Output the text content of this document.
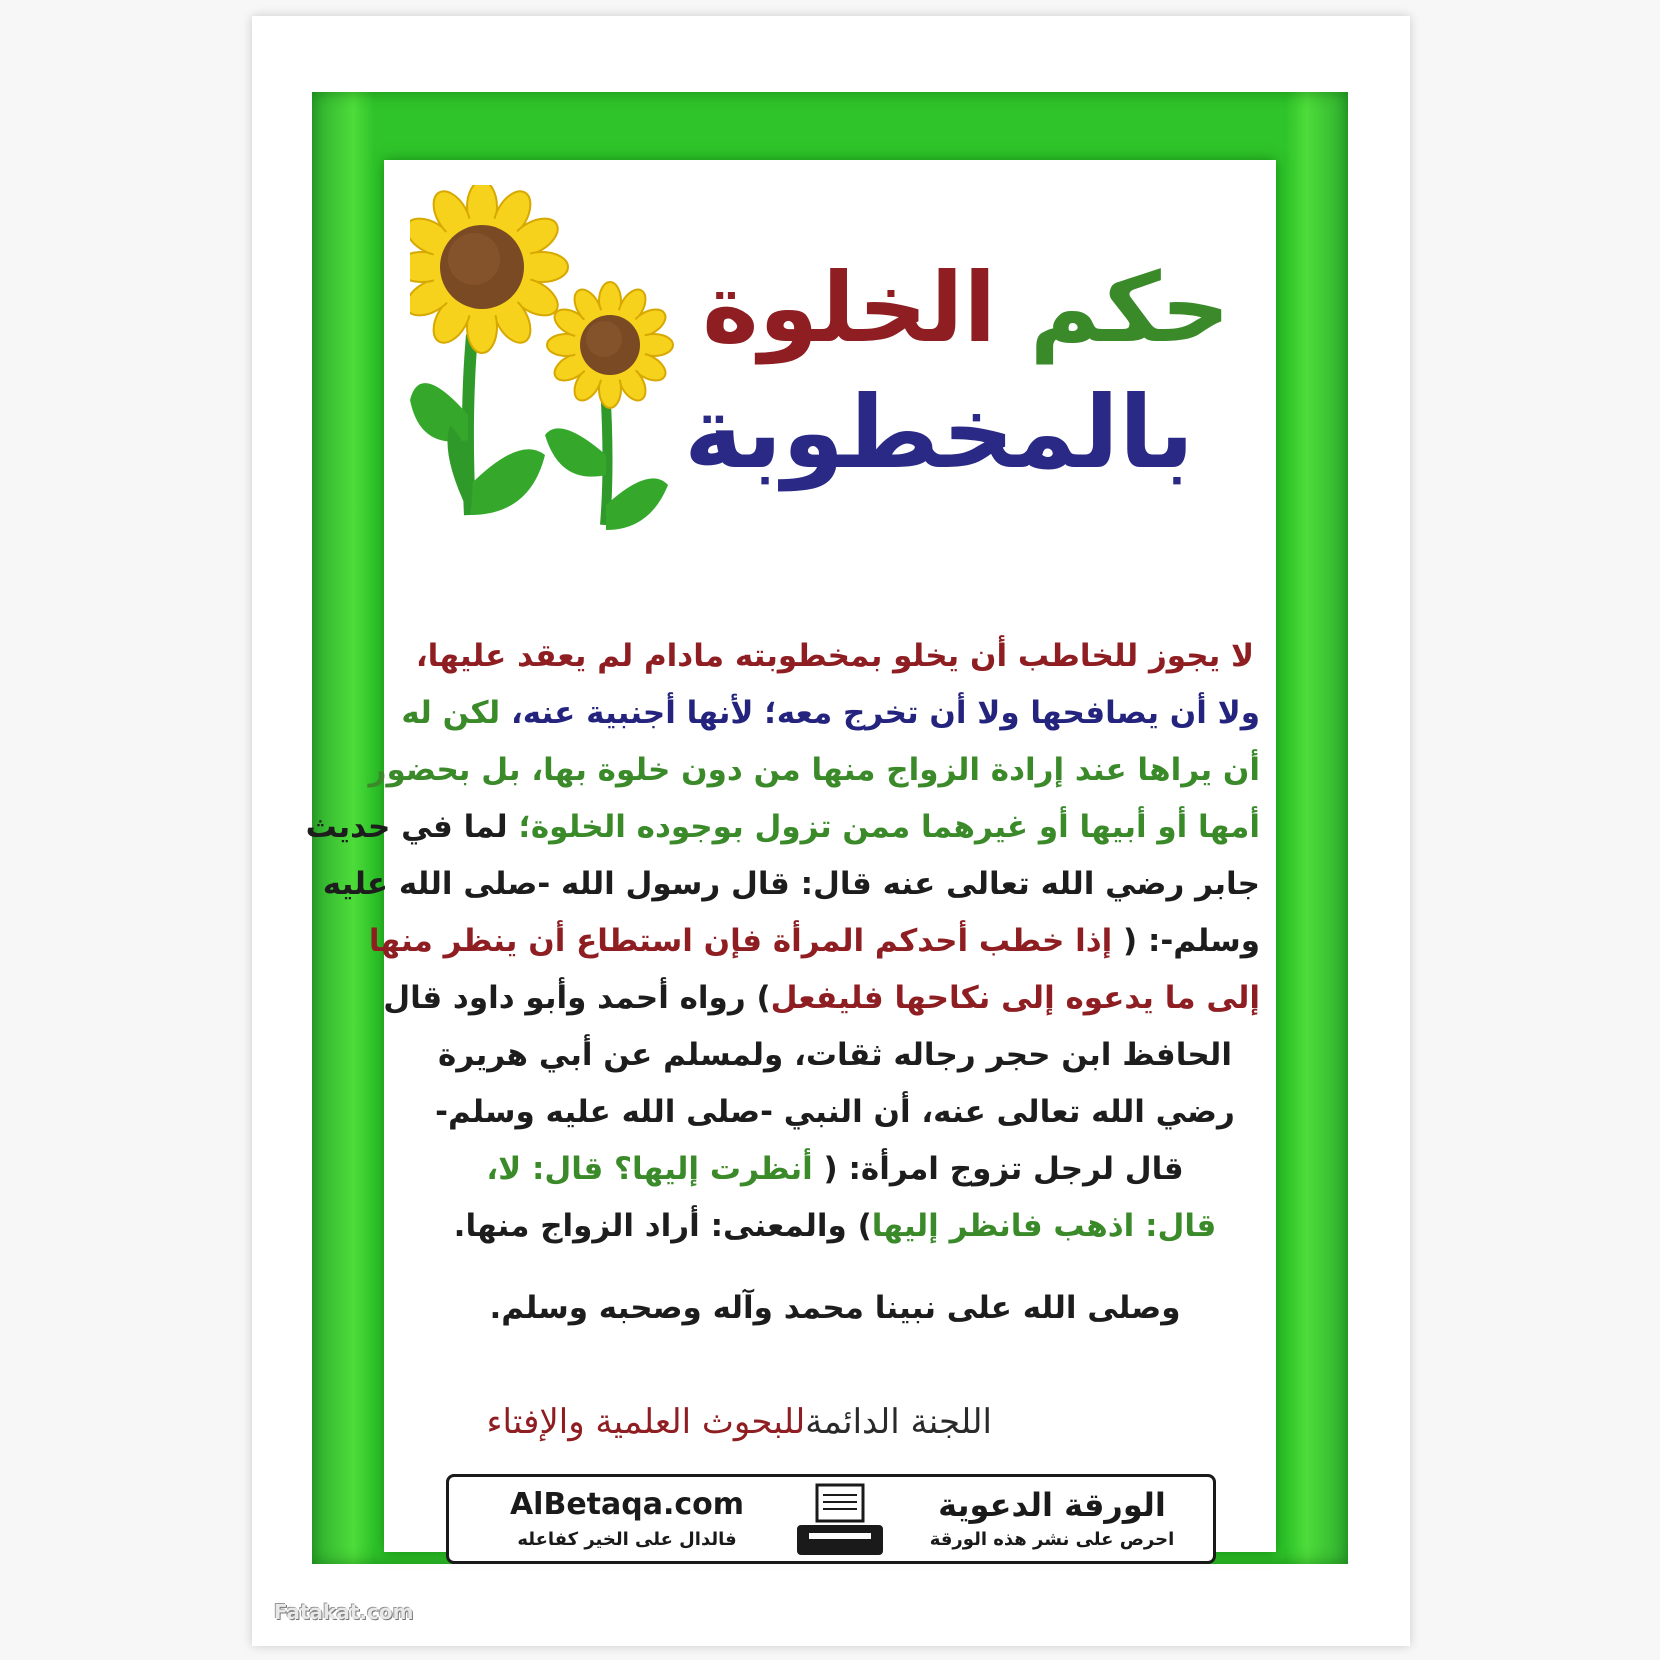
حكم الخلوة
بالمخطوبة
لا يجوز للخاطب أن يخلو بمخطوبته مادام لم يعقد عليها،
ولا أن يصافحها ولا أن تخرج معه؛ لأنها أجنبية عنه، لكن له
أن يراها عند إرادة الزواج منها من دون خلوة بها، بل بحضور
أمها أو أبيها أو غيرهما ممن تزول بوجوده الخلوة؛ لما في حديث
جابر رضي الله تعالى عنه قال: قال رسول الله -صلى الله عليه
وسلم-: ( إذا خطب أحدكم المرأة فإن استطاع أن ينظر منها
إلى ما يدعوه إلى نكاحها فليفعل) رواه أحمد وأبو داود قال
الحافظ ابن حجر رجاله ثقات، ولمسلم عن أبي هريرة
رضي الله تعالى عنه، أن النبي -صلى الله عليه وسلم-
قال لرجل تزوج امرأة: ( أنظرت إليها؟ قال: لا،
قال: اذهب فانظر إليها) والمعنى: أراد الزواج منها.
وصلى الله على نبينا محمد وآله وصحبه وسلم.
اللجنة الدائمةللبحوث العلمية والإفتاء
الورقة الدعوية
احرص على نشر هذه الورقة
AlBetaqa.com
فالدال على الخير كفاعله
Fatakat.com
